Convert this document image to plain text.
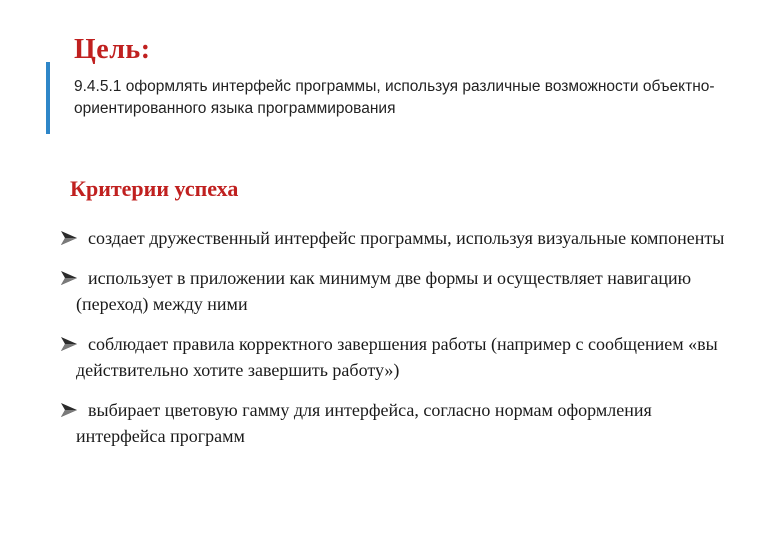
Цель:
9.4.5.1 оформлять интерфейс программы, используя различные возможности объектно-ориентированного языка программирования
Критерии успеха
создает дружественный интерфейс программы, используя визуальные компоненты
использует в приложении как минимум две формы и осуществляет навигацию (переход) между ними
соблюдает правила корректного завершения работы (например с сообщением «вы действительно хотите завершить работу»)
выбирает цветовую гамму для интерфейса, согласно нормам оформления интерфейса программ
